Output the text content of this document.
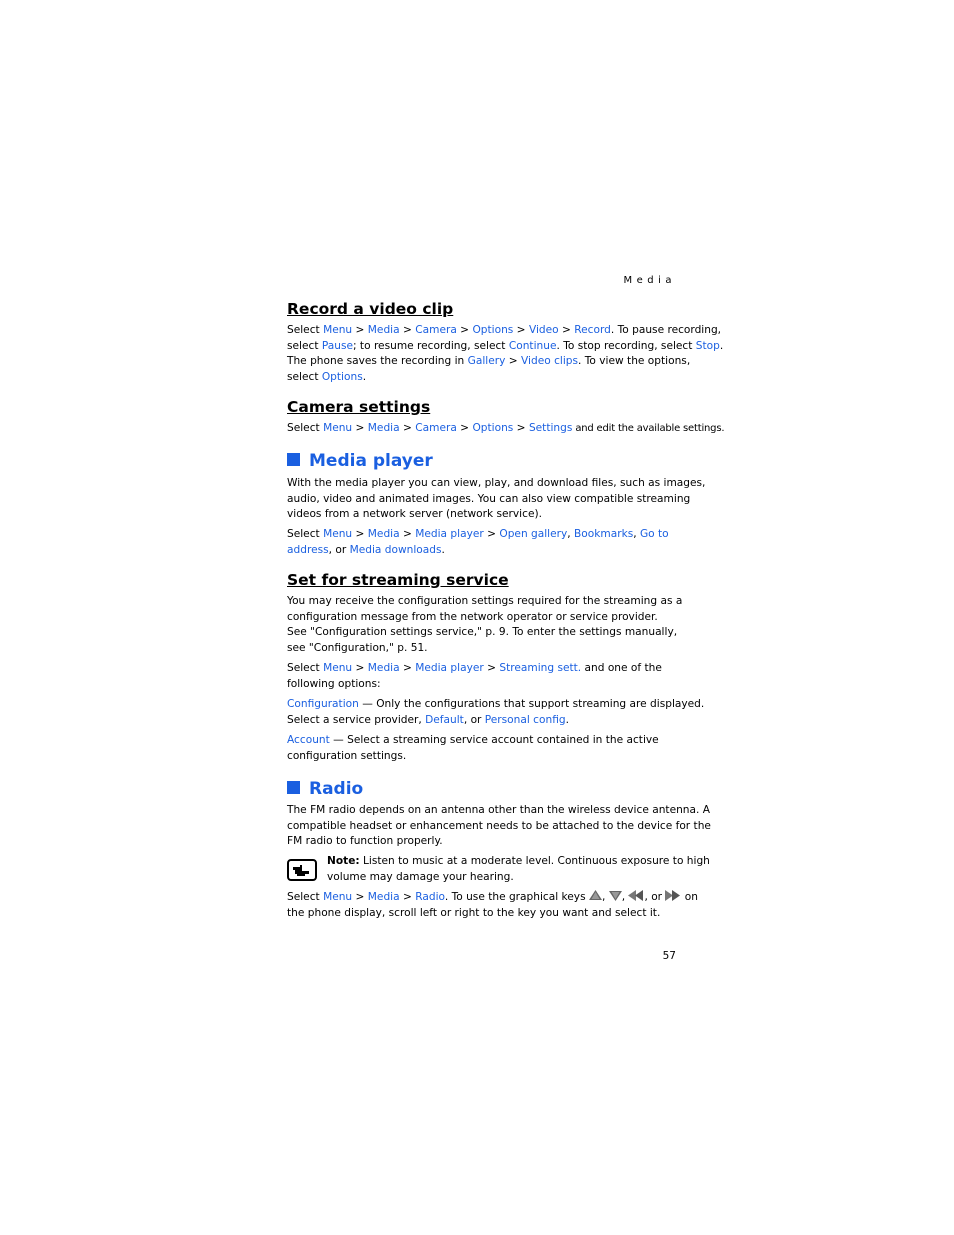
Media
Record a video clip
Select Menu > Media > Camera > Options > Video > Record. To pause recording,
select Pause; to resume recording, select Continue. To stop recording, select Stop.
The phone saves the recording in Gallery > Video clips. To view the options,
select Options.
Camera settings
Select Menu > Media > Camera > Options > Settings and edit the available settings.
Media player
With the media player you can view, play, and download files, such as images,
audio, video and animated images. You can also view compatible streaming
videos from a network server (network service).
Select Menu > Media > Media player > Open gallery, Bookmarks, Go to
address, or Media downloads.
Set for streaming service
You may receive the configuration settings required for the streaming as a
configuration message from the network operator or service provider.
See "Configuration settings service," p. 9. To enter the settings manually,
see "Configuration," p. 51.
Select Menu > Media > Media player > Streaming sett. and one of the
following options:
Configuration — Only the configurations that support streaming are displayed.
Select a service provider, Default, or Personal config.
Account — Select a streaming service account contained in the active
configuration settings.
Radio
The FM radio depends on an antenna other than the wireless device antenna. A
compatible headset or enhancement needs to be attached to the device for the
FM radio to function properly.
Note: Listen to music at a moderate level. Continuous exposure to high
volume may damage your hearing.
Select Menu > Media > Radio. To use the graphical keys , , , or  on
the phone display, scroll left or right to the key you want and select it.
57
